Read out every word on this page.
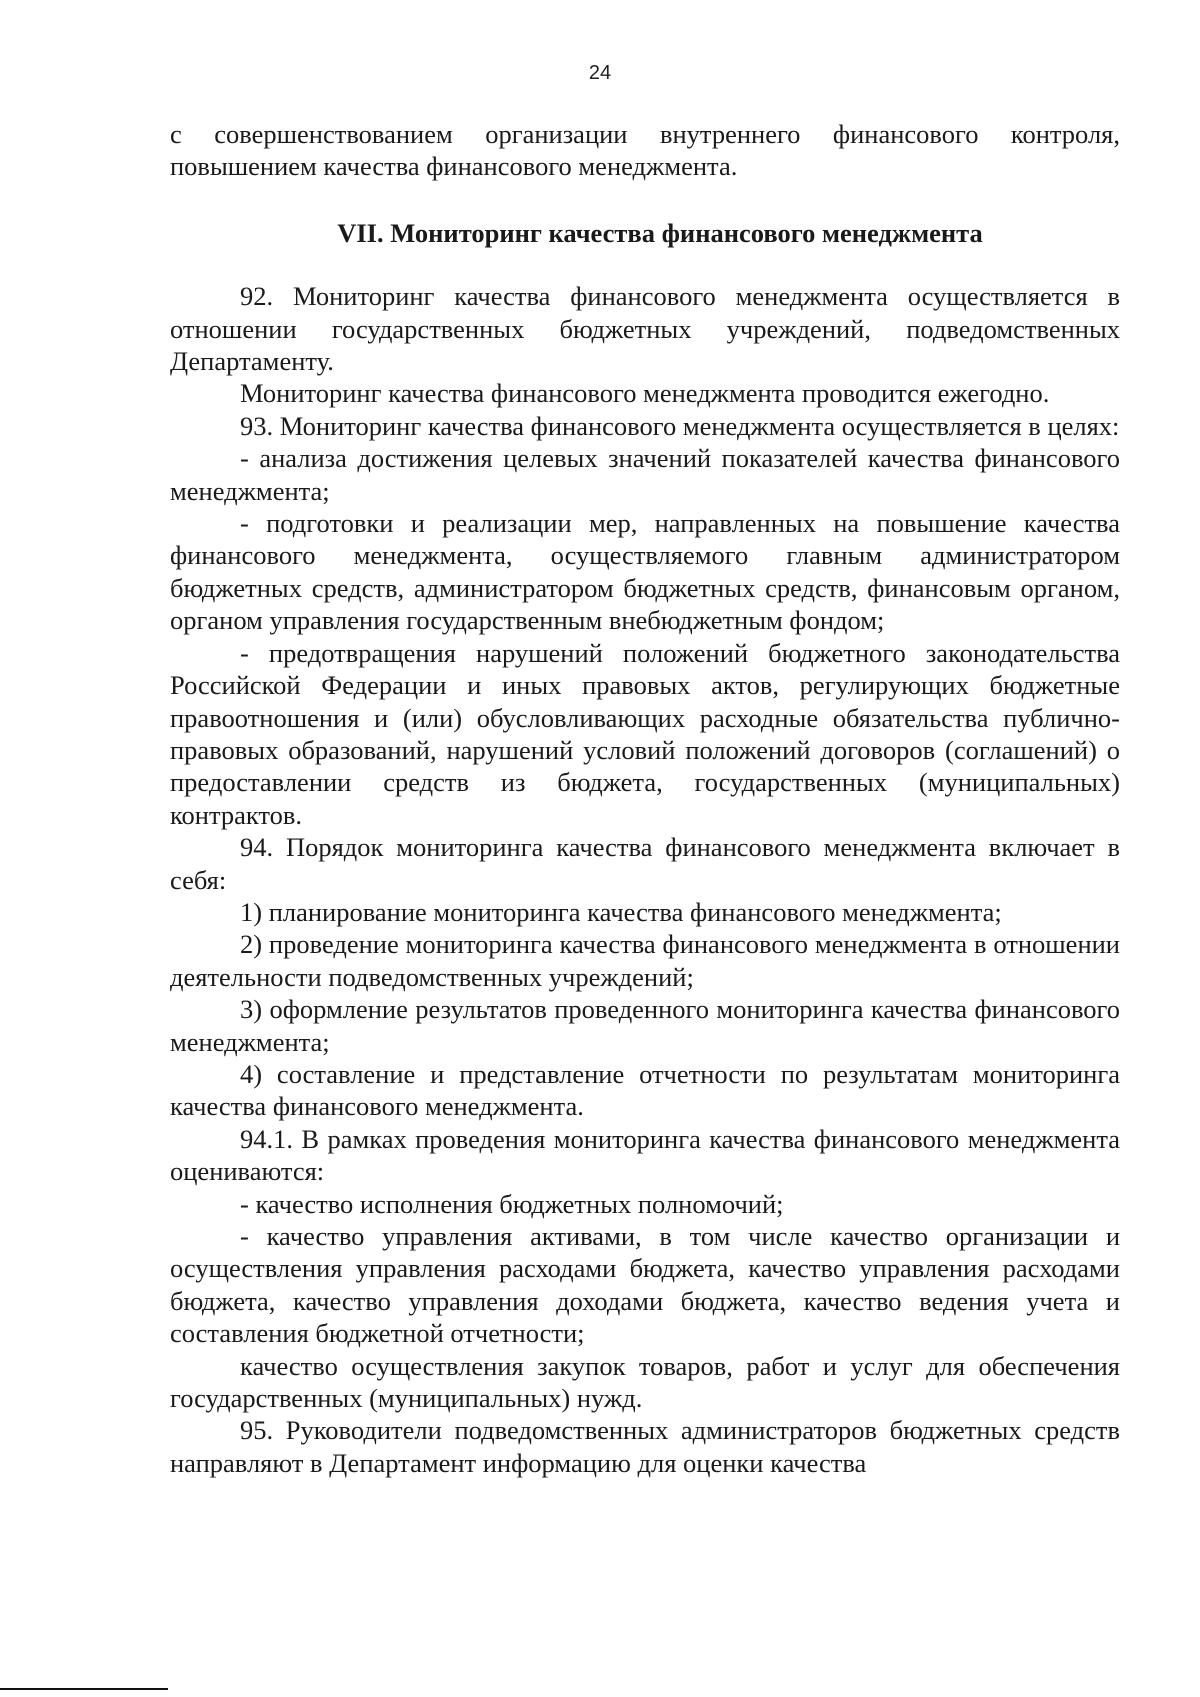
24

с совершенствованием организации внутреннего финансового контроля, повышением качества финансового менеджмента.

VII. Мониторинг качества финансового менеджмента

92. Мониторинг качества финансового менеджмента осуществляется в отношении государственных бюджетных учреждений, подведомственных Департаменту.

Мониторинг качества финансового менеджмента проводится ежегодно.

93. Мониторинг качества финансового менеджмента осуществляется в целях:

- анализа достижения целевых значений показателей качества финансового менеджмента;

- подготовки и реализации мер, направленных на повышение качества финансового менеджмента, осуществляемого главным администратором бюджетных средств, администратором бюджетных средств, финансовым органом, органом управления государственным внебюджетным фондом;

- предотвращения нарушений положений бюджетного законодательства Российской Федерации и иных правовых актов, регулирующих бюджетные правоотношения и (или) обусловливающих расходные обязательства публично-правовых образований, нарушений условий положений договоров (соглашений) о предоставлении средств из бюджета, государственных (муниципальных) контрактов.

94. Порядок мониторинга качества финансового менеджмента включает в себя:

1) планирование мониторинга качества финансового менеджмента;

2) проведение мониторинга качества финансового менеджмента в отношении деятельности подведомственных учреждений;

3) оформление результатов проведенного мониторинга качества финансового менеджмента;

4) составление и представление отчетности по результатам мониторинга качества финансового менеджмента.

94.1. В рамках проведения мониторинга качества финансового менеджмента оцениваются:

- качество исполнения бюджетных полномочий;

- качество управления активами, в том числе качество организации и осуществления управления расходами бюджета, качество управления расходами бюджета, качество управления доходами бюджета, качество ведения учета и составления бюджетной отчетности;

качество осуществления закупок товаров, работ и услуг для обеспечения государственных (муниципальных) нужд.

95. Руководители подведомственных администраторов бюджетных средств направляют в Департамент информацию для оценки качества
